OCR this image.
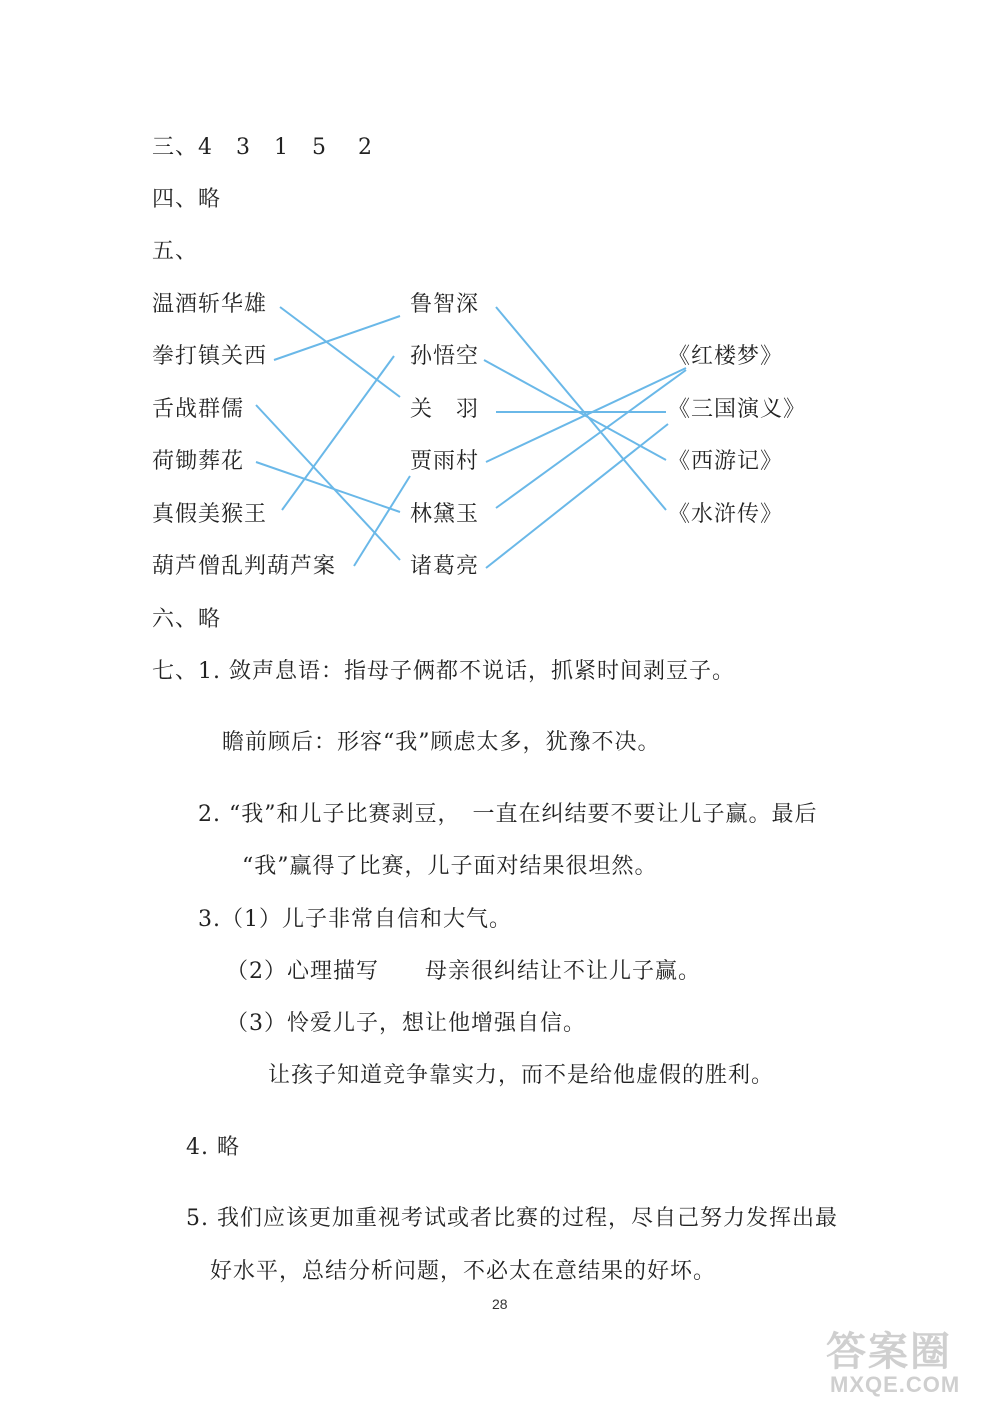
三、4　3　1　5　 2
四、略
五、
温酒斩华雄
拳打镇关西
舌战群儒
荷锄葬花
真假美猴王
葫芦僧乱判葫芦案
鲁智深
孙悟空
关　羽
贾雨村
林黛玉
诸葛亮
《红楼梦》
《三国演义》
《西游记》
《水浒传》
六、略
七、1. 敛声息语：指母子俩都不说话，抓紧时间剥豆子。
瞻前顾后：形容“我”顾虑太多，犹豫不决。
2. “我”和儿子比赛剥豆，　一直在纠结要不要让儿子赢。最后
“我”赢得了比赛，儿子面对结果很坦然。
3.（1）儿子非常自信和大气。
（2）心理描写　　母亲很纠结让不让儿子赢。
（3）怜爱儿子，想让他增强自信。
让孩子知道竞争靠实力，而不是给他虚假的胜利。
4. 略
5. 我们应该更加重视考试或者比赛的过程，尽自己努力发挥出最
好水平，总结分析问题，不必太在意结果的好坏。
28
答案圈
MXQE.COM
